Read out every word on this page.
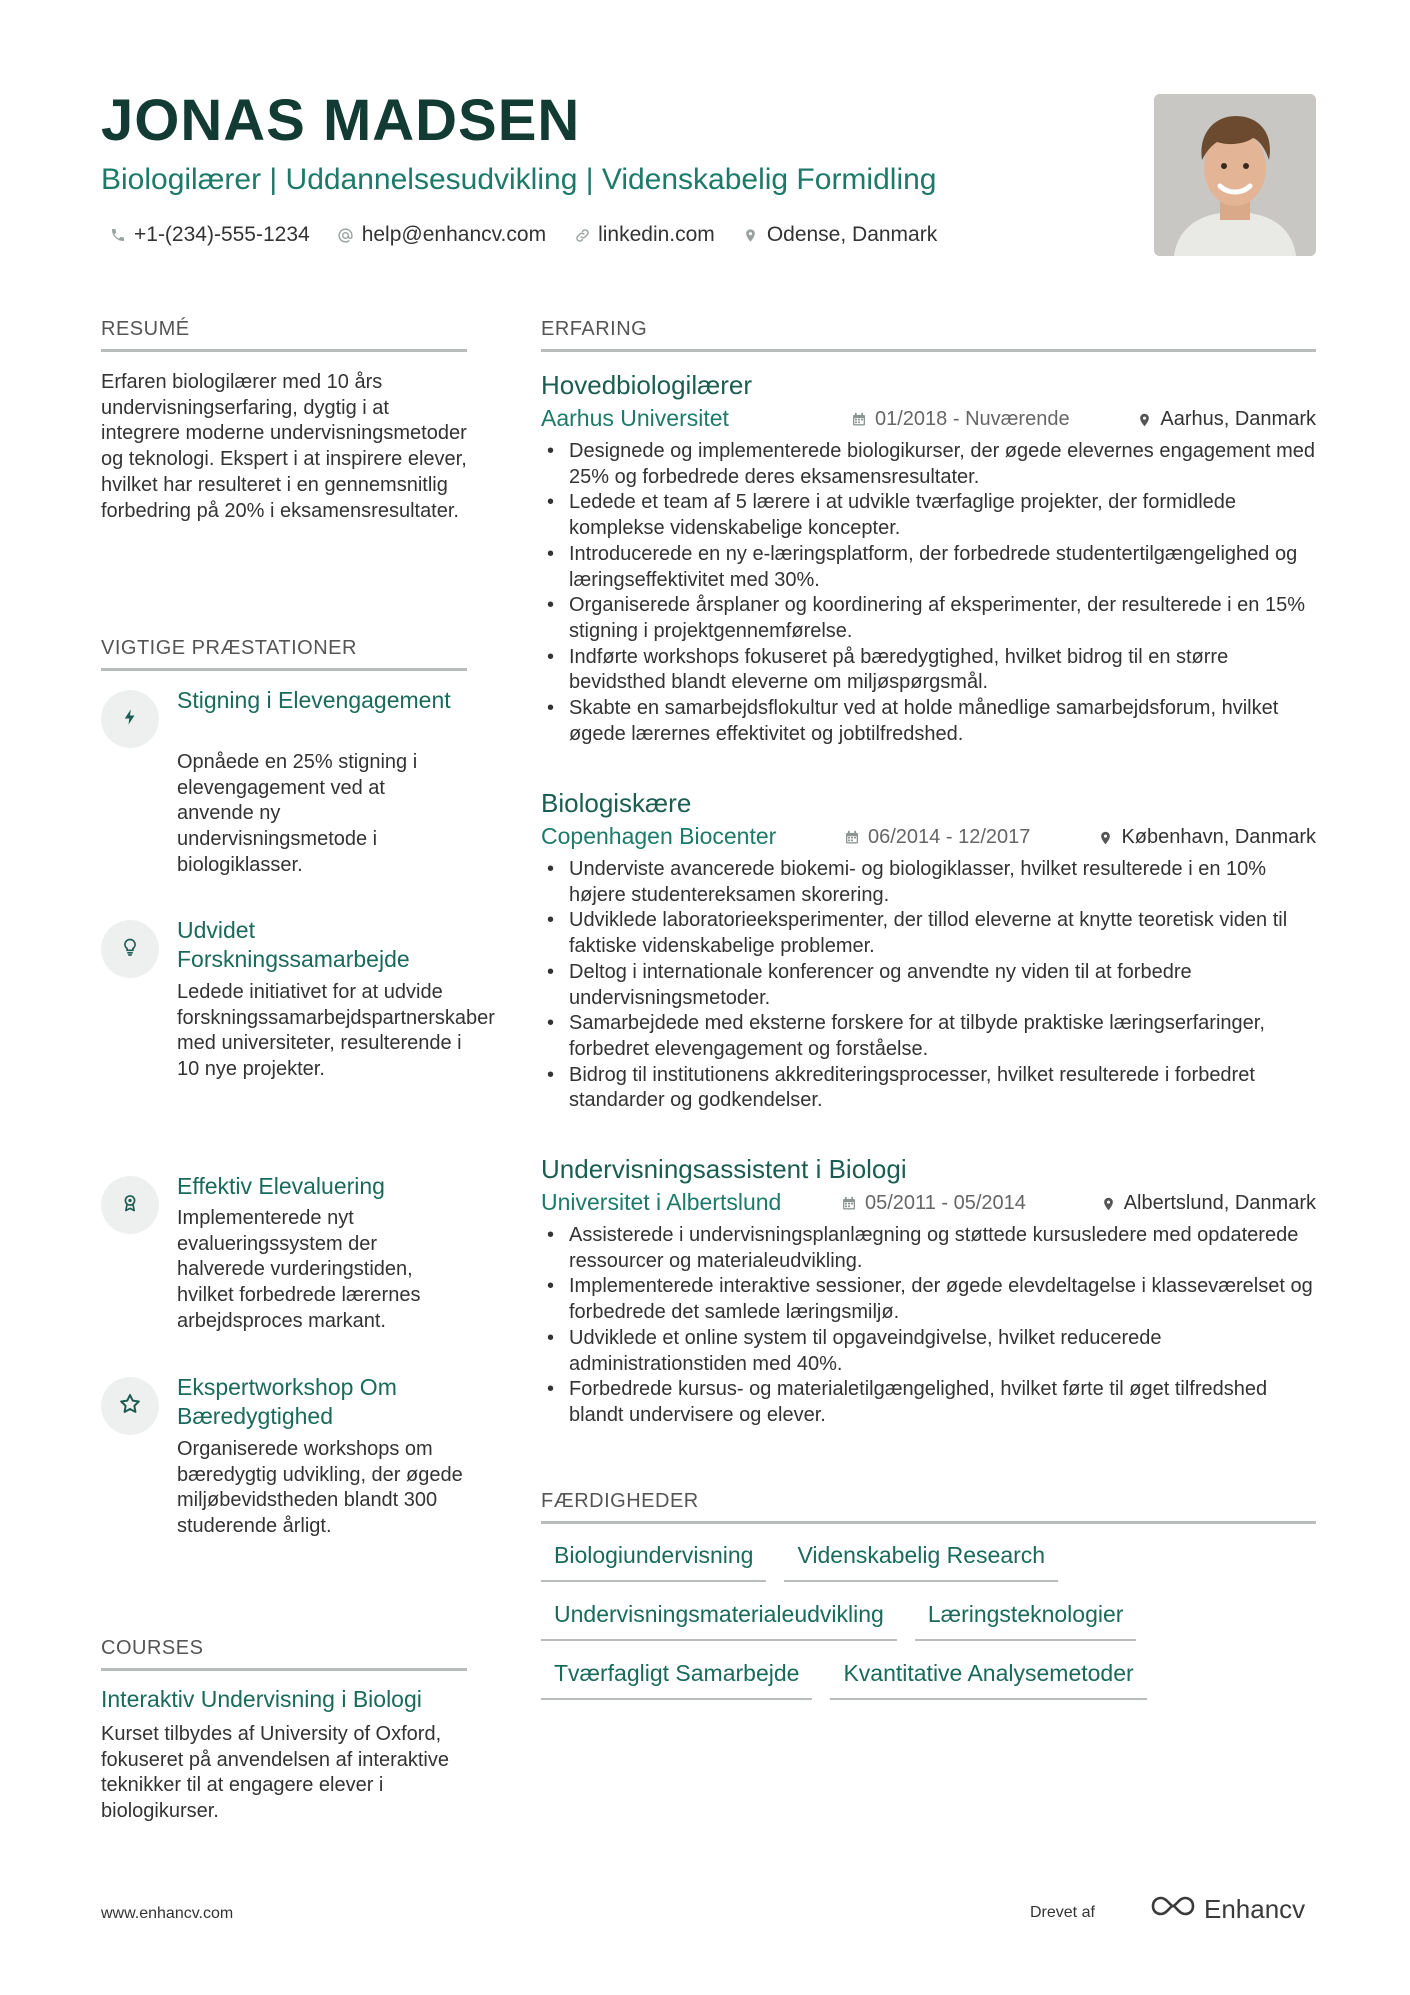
JONAS MADSEN
Biologilærer | Uddannelsesudvikling | Videnskabelig Formidling
+1-(234)-555-1234 help@enhancv.com linkedin.com Odense, Danmark
RESUMÉ
Erfaren biologilærer med 10 års undervisningserfaring, dygtig i at integrere moderne undervisningsmetoder og teknologi. Ekspert i at inspirere elever, hvilket har resulteret i en gennemsnitlig forbedring på 20% i eksamensresultater.
VIGTIGE PRÆSTATIONER
Stigning i Elevengagement
Opnåede en 25% stigning i elevengagement ved at anvende ny undervisningsmetode i biologiklasser.
Udvidet Forskningssamarbejde
Ledede initiativet for at udvide forskningssamarbejdspartnerskaber med universiteter, resulterende i 10 nye projekter.
Effektiv Elevaluering
Implementerede nyt evalueringssystem der halverede vurderingstiden, hvilket forbedrede lærernes arbejdsproces markant.
Ekspertworkshop Om Bæredygtighed
Organiserede workshops om bæredygtig udvikling, der øgede miljøbevidstheden blandt 300 studerende årligt.
COURSES
Interaktiv Undervisning i Biologi
Kurset tilbydes af University of Oxford, fokuseret på anvendelsen af interaktive teknikker til at engagere elever i biologikurser.
ERFARING
Hovedbiologilærer
Aarhus Universitet	01/2018 - Nuværende	Aarhus, Danmark
• Designede og implementerede biologikurser, der øgede elevernes engagement med 25% og forbedrede deres eksamensresultater.
• Ledede et team af 5 lærere i at udvikle tværfaglige projekter, der formidlede komplekse videnskabelige koncepter.
• Introducerede en ny e-læringsplatform, der forbedrede studentertilgængelighed og læringseffektivitet med 30%.
• Organiserede årsplaner og koordinering af eksperimenter, der resulterede i en 15% stigning i projektgennemførelse.
• Indførte workshops fokuseret på bæredygtighed, hvilket bidrog til en større bevidsthed blandt eleverne om miljøspørgsmål.
• Skabte en samarbejdsflokultur ved at holde månedlige samarbejdsforum, hvilket øgede lærernes effektivitet og jobtilfredshed.
Biologiskære
Copenhagen Biocenter	06/2014 - 12/2017	København, Danmark
• Underviste avancerede biokemi- og biologiklasser, hvilket resulterede i en 10% højere studentereksamen skorering.
• Udviklede laboratorieeksperimenter, der tillod eleverne at knytte teoretisk viden til faktiske videnskabelige problemer.
• Deltog i internationale konferencer og anvendte ny viden til at forbedre undervisningsmetoder.
• Samarbejdede med eksterne forskere for at tilbyde praktiske læringserfaringer, forbedret elevengagement og forståelse.
• Bidrog til institutionens akkrediteringsprocesser, hvilket resulterede i forbedret standarder og godkendelser.
Undervisningsassistent i Biologi
Universitet i Albertslund	05/2011 - 05/2014	Albertslund, Danmark
• Assisterede i undervisningsplanlægning og støttede kursusledere med opdaterede ressourcer og materialeudvikling.
• Implementerede interaktive sessioner, der øgede elevdeltagelse i klasseværelset og forbedrede det samlede læringsmiljø.
• Udviklede et online system til opgaveindgivelse, hvilket reducerede administrationstiden med 40%.
• Forbedrede kursus- og materialetilgængelighed, hvilket førte til øget tilfredshed blandt undervisere og elever.
FÆRDIGHEDER
Biologiundervisning	Videnskabelig Research
Undervisningsmaterialeudvikling	Læringsteknologier
Tværfagligt Samarbejde	Kvantitative Analysemetoder
www.enhancv.com	Drevet af	Enhancv
